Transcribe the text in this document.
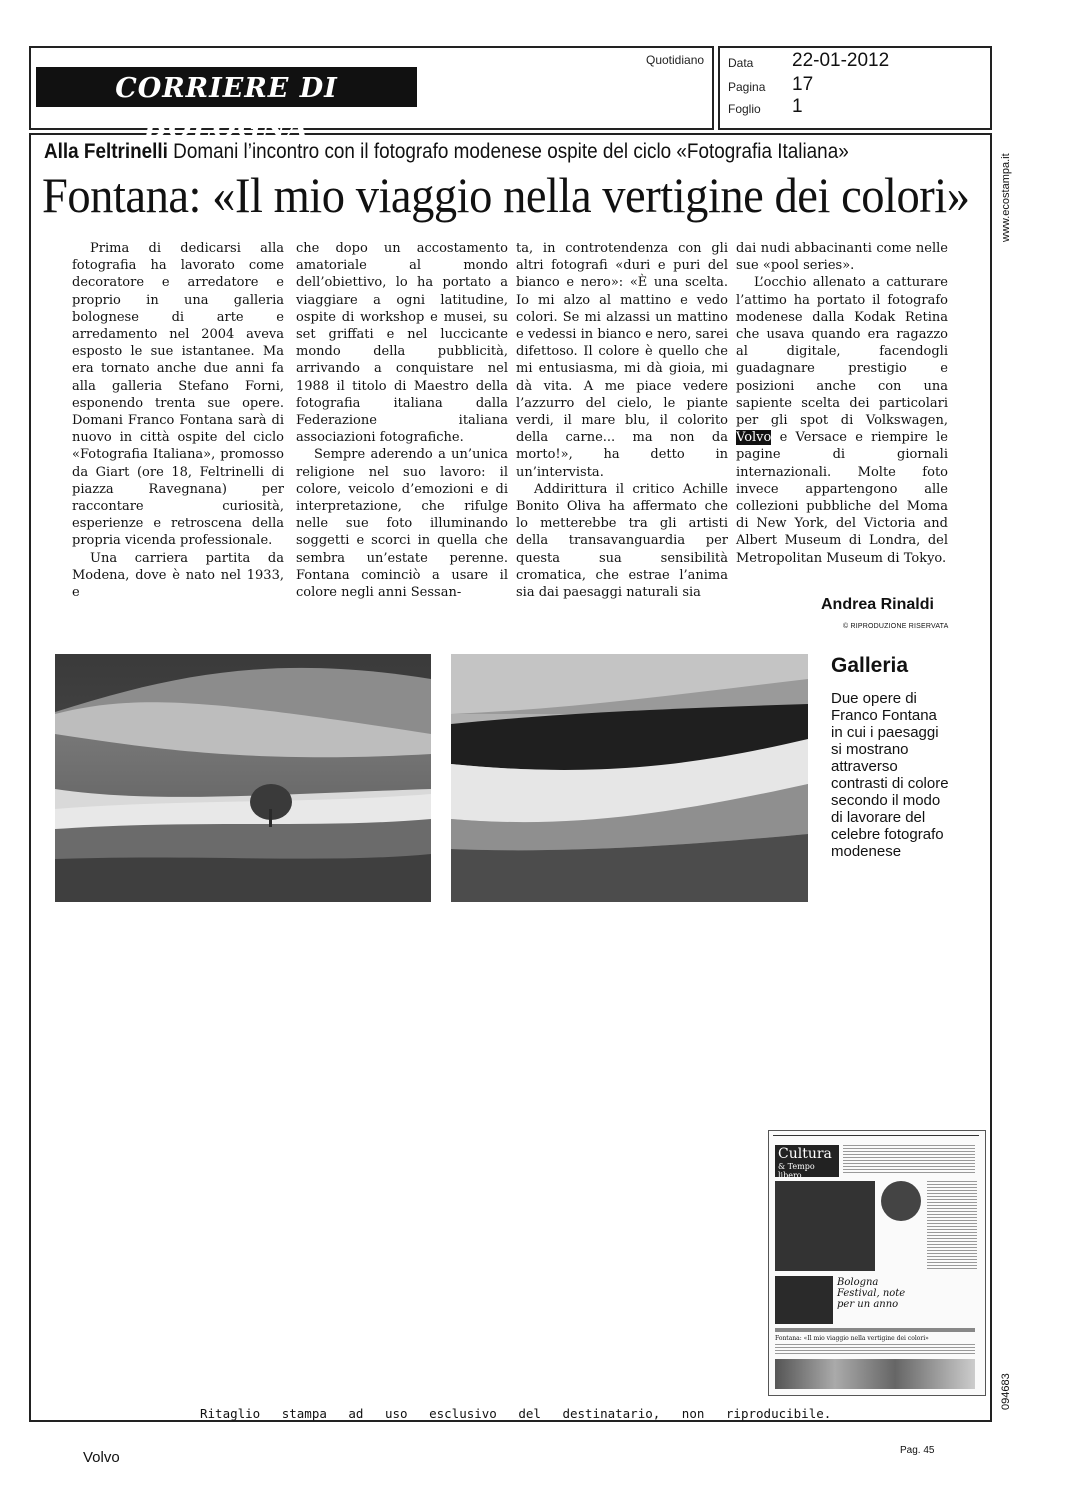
CORRIERE DI BOLOGNA
Quotidiano Data 22-01-2012
Pagina 17
Foglio 1
Alla Feltrinelli Domani l’incontro con il fotografo modenese ospite del ciclo «Fotografia Italiana»
Fontana: «Il mio viaggio nella vertigine dei colori»

Prima di dedicarsi alla fotografia ha lavorato come decoratore e arredatore e proprio in una galleria bolognese di arte e arredamento nel 2004 aveva esposto le sue istantanee. Ma era tornato anche due anni fa alla galleria Stefano Forni, esponendo trenta sue opere. Domani Franco Fontana sarà di nuovo in città ospite del ciclo «Fotografia Italiana», promosso da Giart (ore 18, Feltrinelli di piazza Ravegnana) per raccontare curiosità, esperienze e retroscena della propria vicenda professionale.

Una carriera partita da Modena, dove è nato nel 1933, e

che dopo un accostamento amatoriale al mondo dell’obiettivo, lo ha portato a viaggiare a ogni latitudine, ospite di workshop e musei, su set griffati e nel luccicante mondo della pubblicità, arrivando a conquistare nel 1988 il titolo di Maestro della fotografia italiana dalla Federazione italiana associazioni fotografiche.

Sempre aderendo a un’unica religione nel suo lavoro: il colore, veicolo d’emozioni e di interpretazione, che rifulge nelle sue foto illuminando soggetti e scorci in quella che sembra un’estate perenne. Fontana cominciò a usare il colore negli anni Sessan-

ta, in controtendenza con gli altri fotografi «duri e puri del bianco e nero»: «È una scelta. Io mi alzo al mattino e vedo colori. Se mi alzassi un mattino e vedessi in bianco e nero, sarei difettoso. Il colore è quello che mi entusiasma, mi dà gioia, mi dà vita. A me piace vedere l’azzurro del cielo, le piante verdi, il mare blu, il colorito della carne... ma non da morto!», ha detto in un’intervista.

Addirittura il critico Achille Bonito Oliva ha affermato che lo metterebbe tra gli artisti della transavanguardia per questa sua sensibilità cromatica, che estrae l’anima sia dai paesaggi naturali sia

dai nudi abbacinanti come nelle sue «pool series».

L’occhio allenato a catturare l’attimo ha portato il fotografo modenese dalla Kodak Retina che usava quando era ragazzo al digitale, facendogli guadagnare prestigio e posizioni anche con una sapiente scelta dei particolari per gli spot di Volkswagen, Volvo e Versace e riempire le pagine di giornali internazionali. Molte foto invece appartengono alle collezioni pubbliche del Moma di New York, del Victoria and Albert Museum di Londra, del Metropolitan Museum di Tokyo.

Andrea Rinaldi
© RIPRODUZIONE RISERVATA
Galleria
Due opere di Franco Fontana in cui i paesaggi si mostrano attraverso contrasti di colore secondo il modo di lavorare del celebre fotografo modenese
Cultura
& Tempo libero
Bologna Festival, note per un anno
Fontana: «Il mio viaggio nella vertigine dei colori»
www.ecostampa.it
094683
Ritaglio stampa ad uso esclusivo del destinatario, non riproducibile.
Volvo	Pag. 45
